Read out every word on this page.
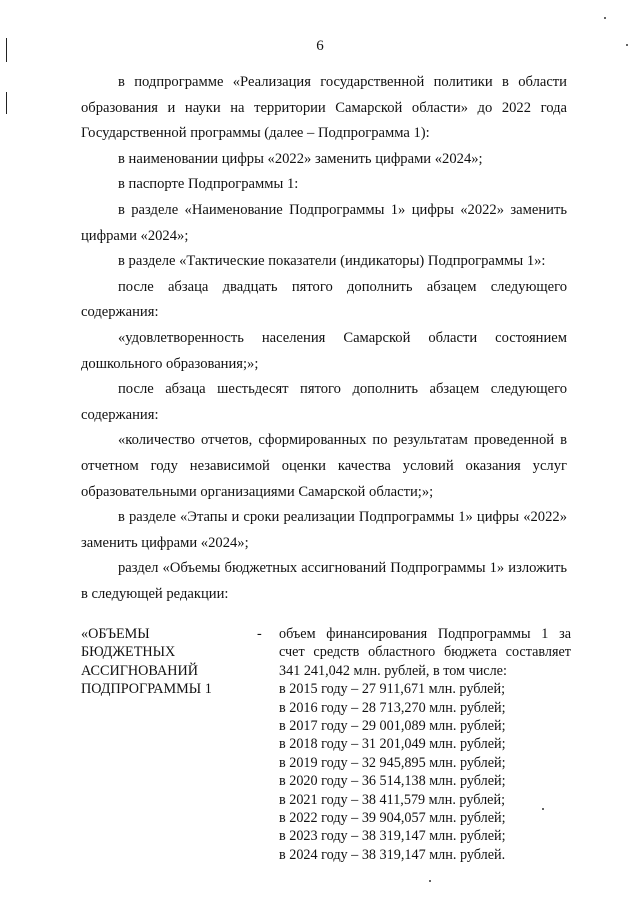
6

в подпрограмме «Реализация государственной политики в области образования и науки на территории Самарской области» до 2022 года Государственной программы (далее – Подпрограмма 1):

в наименовании цифры «2022» заменить цифрами «2024»;

в паспорте Подпрограммы 1:

в разделе «Наименование Подпрограммы 1» цифры «2022» заменить цифрами «2024»;

в разделе «Тактические показатели (индикаторы) Подпрограммы 1»:

после абзаца двадцать пятого дополнить абзацем следующего содержания:

«удовлетворенность населения Самарской области состоянием дошкольного образования;»;

после абзаца шестьдесят пятого дополнить абзацем следующего содержания:

«количество отчетов, сформированных по результатам проведенной в отчетном году независимой оценки качества условий оказания услуг образовательными организациями Самарской области;»;

в разделе «Этапы и сроки реализации Подпрограммы 1» цифры «2022» заменить цифрами «2024»;

раздел «Объемы бюджетных ассигнований Подпрограммы 1» изложить в следующей редакции:

«ОБЪЕМЫ
БЮДЖЕТНЫХ
АССИГНОВАНИЙ
ПОДПРОГРАММЫ 1
-	объем финансирования Подпрограммы 1 за счет средств областного бюджета составляет 341 241,042 млн. рублей, в том числе:
в 2015 году – 27 911,671 млн. рублей;
в 2016 году – 28 713,270 млн. рублей;
в 2017 году – 29 001,089 млн. рублей;
в 2018 году – 31 201,049 млн. рублей;
в 2019 году – 32 945,895 млн. рублей;
в 2020 году – 36 514,138 млн. рублей;
в 2021 году – 38 411,579 млн. рублей;
в 2022 году – 39 904,057 млн. рублей;
в 2023 году – 38 319,147 млн. рублей;
в 2024 году – 38 319,147 млн. рублей.
